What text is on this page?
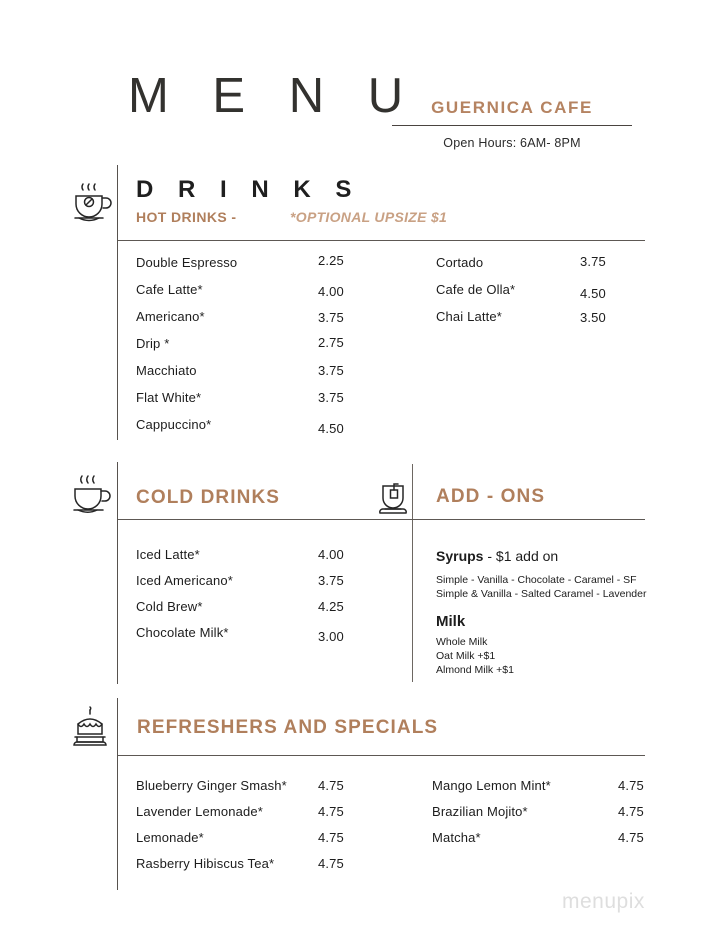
M E N U GUERNICA CAFE
Open Hours: 6AM- 8PM
D R I N K S
HOT DRINKS -	*OPTIONAL UPSIZE $1
Double Espresso	2.25
Cafe Latte*	4.00
Americano*	3.75
Drip *	2.75
Macchiato	3.75
Flat White*	3.75
Cappuccino*	4.50
Cortado	3.75
Cafe de Olla*	4.50
Chai Latte*	3.50
COLD DRINKS	ADD - ONS
Iced Latte*	4.00
Iced Americano*	3.75
Cold Brew*	4.25
Chocolate Milk*	3.00
Syrups - $1 add on
Simple - Vanilla - Chocolate - Caramel - SF
Simple & Vanilla - Salted Caramel - Lavender
Milk
Whole Milk
Oat Milk +$1
Almond Milk +$1
REFRESHERS AND SPECIALS
Blueberry Ginger Smash* 4.75
Lavender Lemonade*	4.75
Lemonade*	4.75
Rasberry Hibiscus Tea*	4.75
Mango Lemon Mint*	4.75
Brazilian Mojito*	4.75
Matcha*	4.75
menupix
